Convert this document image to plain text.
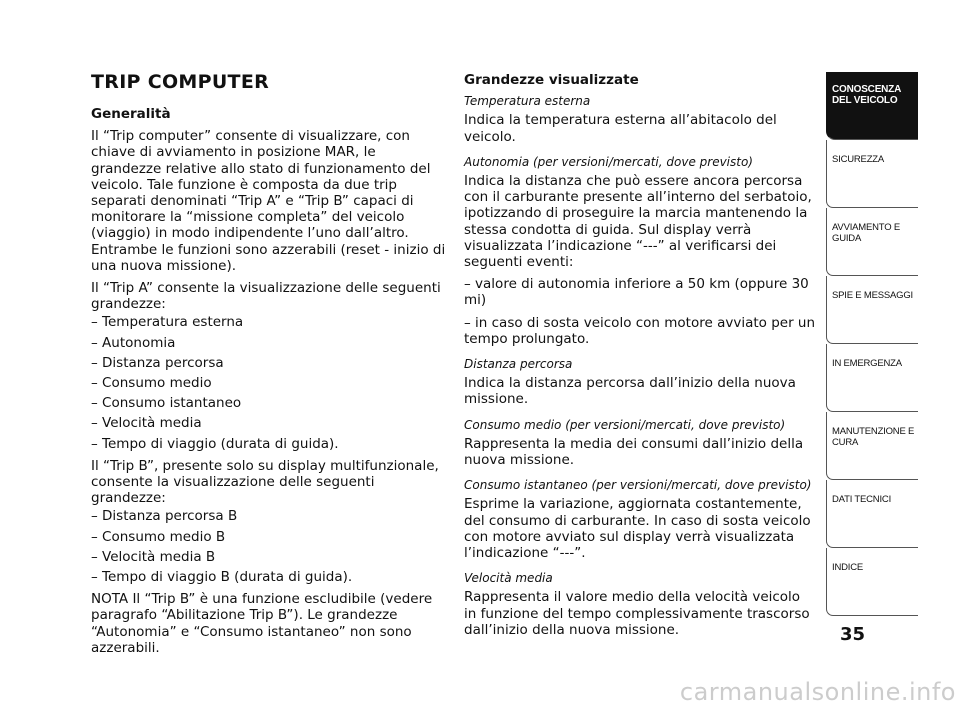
TRIP COMPUTER
Generalità

Il “Trip computer” consente di visualizzare, con chiave di avviamento in posizione MAR, le grandezze relative allo stato di funzionamento del veicolo. Tale funzione è composta da due trip separati denominati “Trip A” e “Trip B” capaci di monitorare la “missione completa” del veicolo (viaggio) in modo indipendente l’uno dall’altro. Entrambe le funzioni sono azzerabili (reset - inizio di una nuova missione).

Il “Trip A” consente la visualizzazione delle seguenti grandezze:

– Temperatura esterna
– Autonomia
– Distanza percorsa
– Consumo medio
– Consumo istantaneo
– Velocità media
– Tempo di viaggio (durata di guida).

Il “Trip B”, presente solo su display multifunzionale, consente la visualizzazione delle seguenti grandezze:

– Distanza percorsa B
– Consumo medio B
– Velocità media B
– Tempo di viaggio B (durata di guida).

NOTA Il “Trip B” è una funzione escludibile (vedere paragrafo “Abilitazione Trip B”). Le grandezze “Autonomia” e “Consumo istantaneo” non sono azzerabili.

Grandezze visualizzate
Temperatura esterna

Indica la temperatura esterna all’abitacolo del veicolo.

Autonomia (per versioni/mercati, dove previsto)

Indica la distanza che può essere ancora percorsa con il carburante presente all’interno del serbatoio, ipotizzando di proseguire la marcia mantenendo la stessa condotta di guida. Sul display verrà visualizzata l’indicazione “---” al verificarsi dei seguenti eventi:

– valore di autonomia inferiore a 50 km (oppure 30 mi)

– in caso di sosta veicolo con motore avviato per un tempo prolungato.

Distanza percorsa

Indica la distanza percorsa dall’inizio della nuova missione.

Consumo medio (per versioni/mercati, dove previsto)

Rappresenta la media dei consumi dall’inizio della nuova missione.

Consumo istantaneo (per versioni/mercati, dove previsto)

Esprime la variazione, aggiornata costantemente, del consumo di carburante. In caso di sosta veicolo con motore avviato sul display verrà visualizzata l’indicazione “---”.

Velocità media

Rappresenta il valore medio della velocità veicolo in funzione del tempo complessivamente trascorso dall’inizio della nuova missione.

CONOSCENZA DEL VEICOLO
SICUREZZA
AVVIAMENTO E GUIDA
SPIE E MESSAGGI
IN EMERGENZA
MANUTENZIONE E CURA
DATI TECNICI
INDICE
35
carmanualsonline.info
